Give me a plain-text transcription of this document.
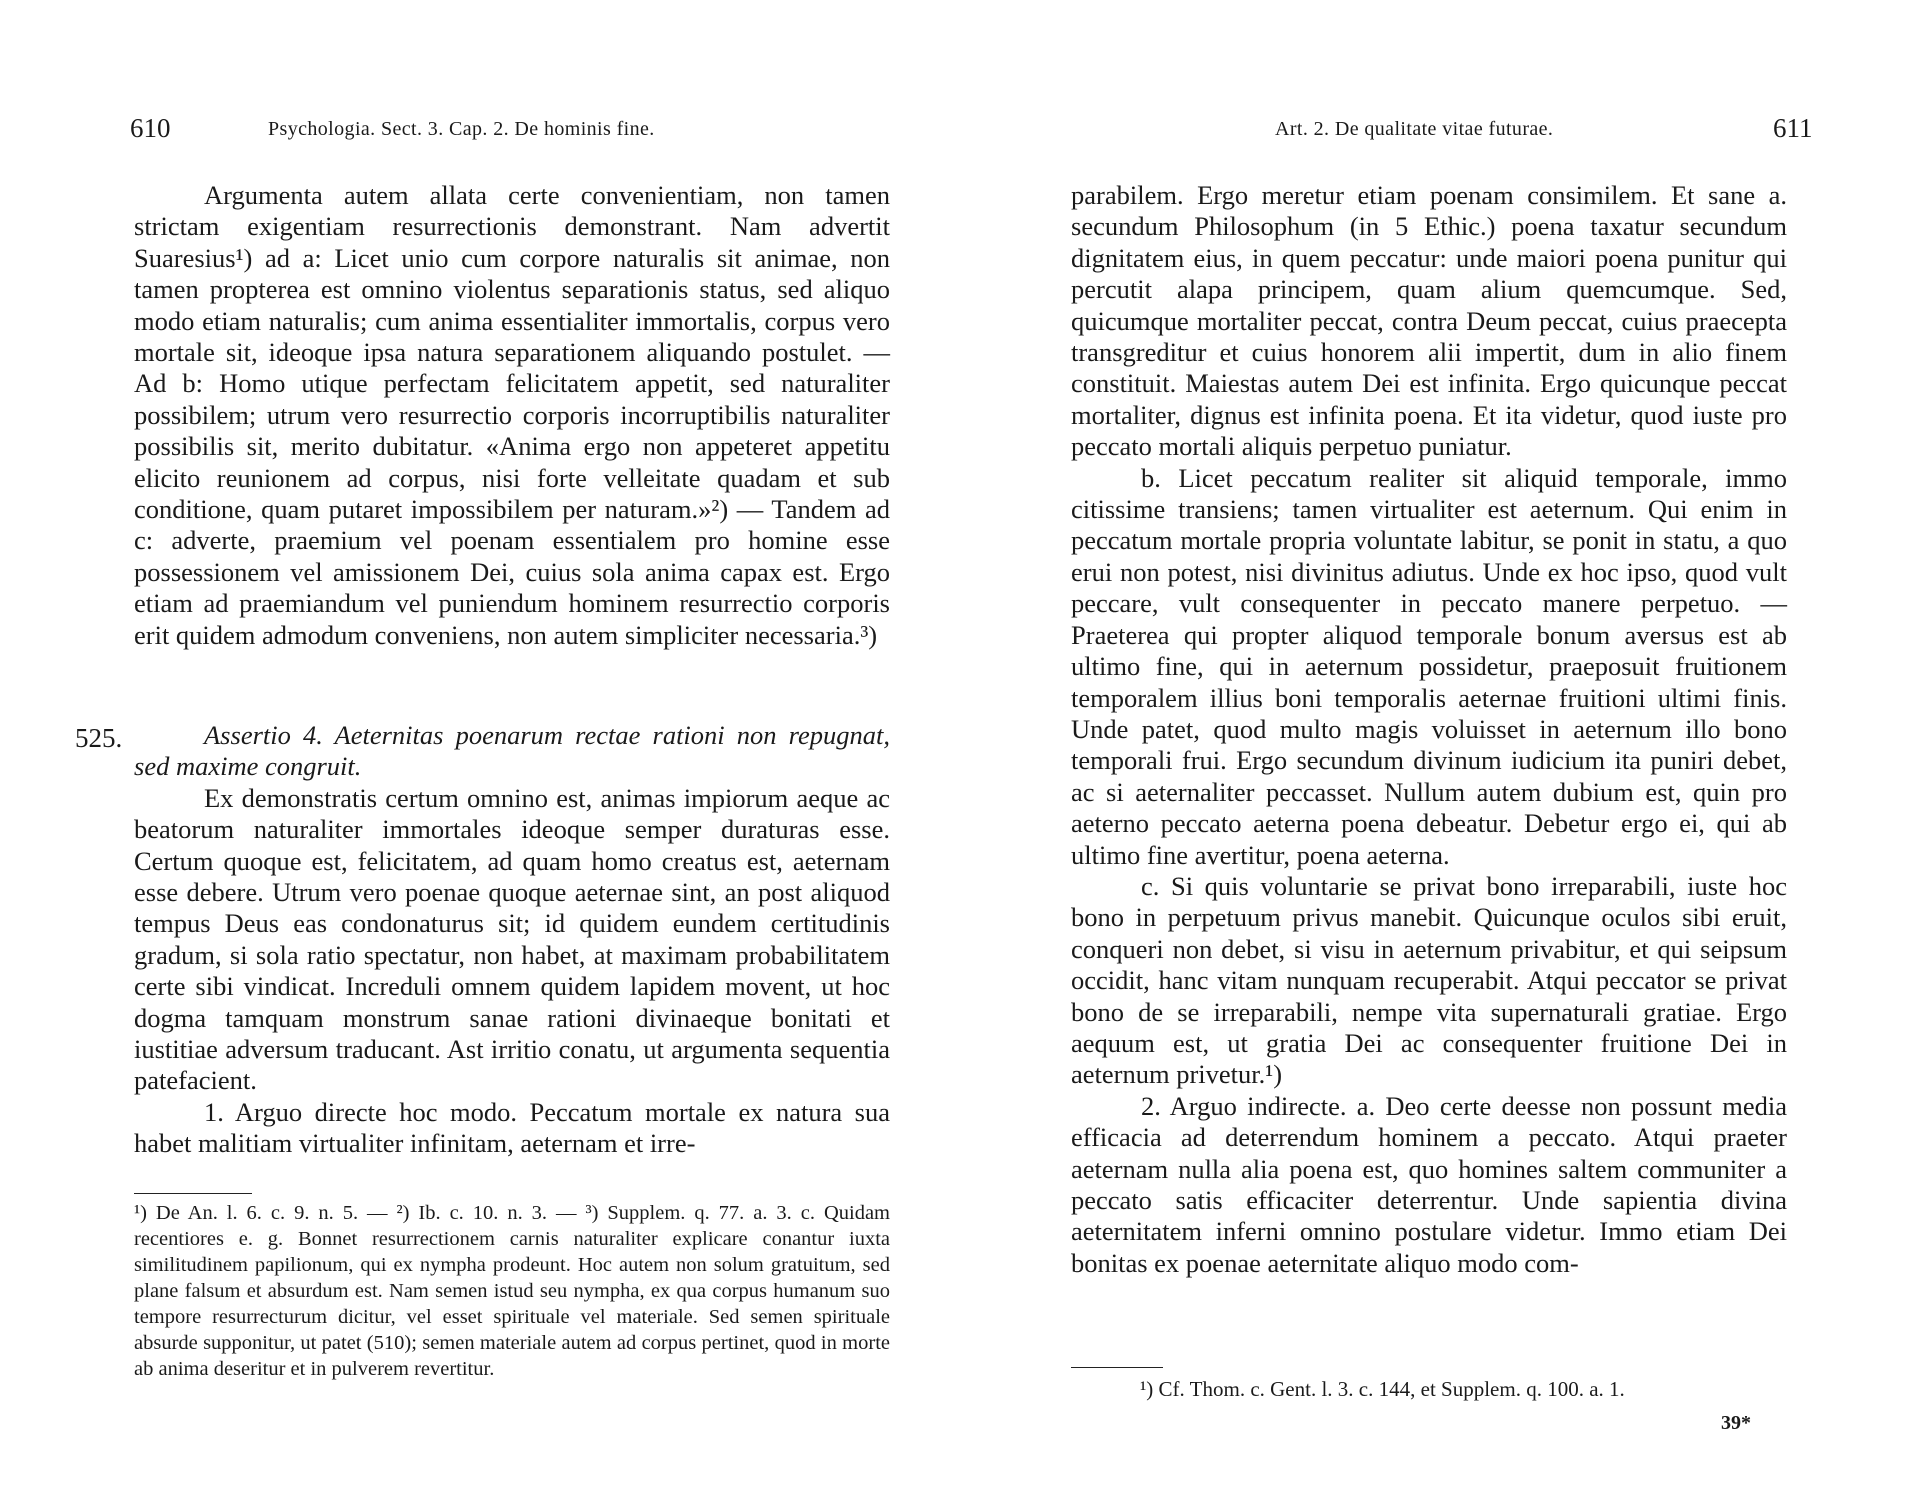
610	Psychologia. Sect. 3. Cap. 2. De hominis fine.

Argumenta autem allata certe convenientiam, non tamen strictam exigentiam resurrectionis demonstrant. Nam advertit Suaresius¹) ad a: Licet unio cum corpore naturalis sit animae, non tamen propterea est omnino violentus separationis status, sed aliquo modo etiam naturalis; cum anima essentialiter immortalis, corpus vero mortale sit, ideoque ipsa natura separationem aliquando postulet. — Ad b: Homo utique perfectam felicitatem appetit, sed naturaliter possibilem; utrum vero resurrectio corporis incorruptibilis naturaliter possibilis sit, merito dubitatur. «Anima ergo non appeteret appetitu elicito reunionem ad corpus, nisi forte velleitate quadam et sub conditione, quam putaret impossibilem per naturam.»²) — Tandem ad c: adverte, praemium vel poenam essentialem pro homine esse possessionem vel amissionem Dei, cuius sola anima capax est. Ergo etiam ad praemiandum vel puniendum hominem resurrectio corporis erit quidem admodum conveniens, non autem simpliciter necessaria.³)

525.	Assertio 4. Aeternitas poenarum rectae rationi non repugnat, sed maxime congruit.

Ex demonstratis certum omnino est, animas impiorum aeque ac beatorum naturaliter immortales ideoque semper duraturas esse. Certum quoque est, felicitatem, ad quam homo creatus est, aeternam esse debere. Utrum vero poenae quoque aeternae sint, an post aliquod tempus Deus eas condonaturus sit; id quidem eundem certitudinis gradum, si sola ratio spectatur, non habet, at maximam probabilitatem certe sibi vindicat. Increduli omnem quidem lapidem movent, ut hoc dogma tamquam monstrum sanae rationi divinaeque bonitati et iustitiae adversum traducant. Ast irritio conatu, ut argumenta sequentia patefacient.

1. Arguo directe hoc modo. Peccatum mortale ex natura sua habet malitiam virtualiter infinitam, aeternam et irre-

¹) De An. l. 6. c. 9. n. 5. — ²) Ib. c. 10. n. 3. — ³) Supplem. q. 77. a. 3. c. Quidam recentiores e. g. Bonnet resurrectionem carnis naturaliter explicare conantur iuxta similitudinem papilionum, qui ex nympha prodeunt. Hoc autem non solum gratuitum, sed plane falsum et absurdum est. Nam semen istud seu nympha, ex qua corpus humanum suo tempore resurrecturum dicitur, vel esset spirituale vel materiale. Sed semen spirituale absurde supponitur, ut patet (510); semen materiale autem ad corpus pertinet, quod in morte ab anima deseritur et in pulverem revertitur.

Art. 2. De qualitate vitae futurae.	611

parabilem. Ergo meretur etiam poenam consimilem. Et sane a. secundum Philosophum (in 5 Ethic.) poena taxatur secundum dignitatem eius, in quem peccatur: unde maiori poena punitur qui percutit alapa principem, quam alium quemcumque. Sed, quicumque mortaliter peccat, contra Deum peccat, cuius praecepta transgreditur et cuius honorem alii impertit, dum in alio finem constituit. Maiestas autem Dei est infinita. Ergo quicunque peccat mortaliter, dignus est infinita poena. Et ita videtur, quod iuste pro peccato mortali aliquis perpetuo puniatur.

b. Licet peccatum realiter sit aliquid temporale, immo citissime transiens; tamen virtualiter est aeternum. Qui enim in peccatum mortale propria voluntate labitur, se ponit in statu, a quo erui non potest, nisi divinitus adiutus. Unde ex hoc ipso, quod vult peccare, vult consequenter in peccato manere perpetuo. — Praeterea qui propter aliquod temporale bonum aversus est ab ultimo fine, qui in aeternum possidetur, praeposuit fruitionem temporalem illius boni temporalis aeternae fruitioni ultimi finis. Unde patet, quod multo magis voluisset in aeternum illo bono temporali frui. Ergo secundum divinum iudicium ita puniri debet, ac si aeternaliter peccasset. Nullum autem dubium est, quin pro aeterno peccato aeterna poena debeatur. Debetur ergo ei, qui ab ultimo fine avertitur, poena aeterna.

c. Si quis voluntarie se privat bono irreparabili, iuste hoc bono in perpetuum privus manebit. Quicunque oculos sibi eruit, conqueri non debet, si visu in aeternum privabitur, et qui seipsum occidit, hanc vitam nunquam recuperabit. Atqui peccator se privat bono de se irreparabili, nempe vita supernaturali gratiae. Ergo aequum est, ut gratia Dei ac consequenter fruitione Dei in aeternum privetur.¹)

2. Arguo indirecte. a. Deo certe deesse non possunt media efficacia ad deterrendum hominem a peccato. Atqui praeter aeternam nulla alia poena est, quo homines saltem communiter a peccato satis efficaciter deterrentur. Unde sapientia divina aeternitatem inferni omnino postulare videtur. Immo etiam Dei bonitas ex poenae aeternitate aliquo modo com-

¹) Cf. Thom. c. Gent. l. 3. c. 144, et Supplem. q. 100. a. 1.

39*
